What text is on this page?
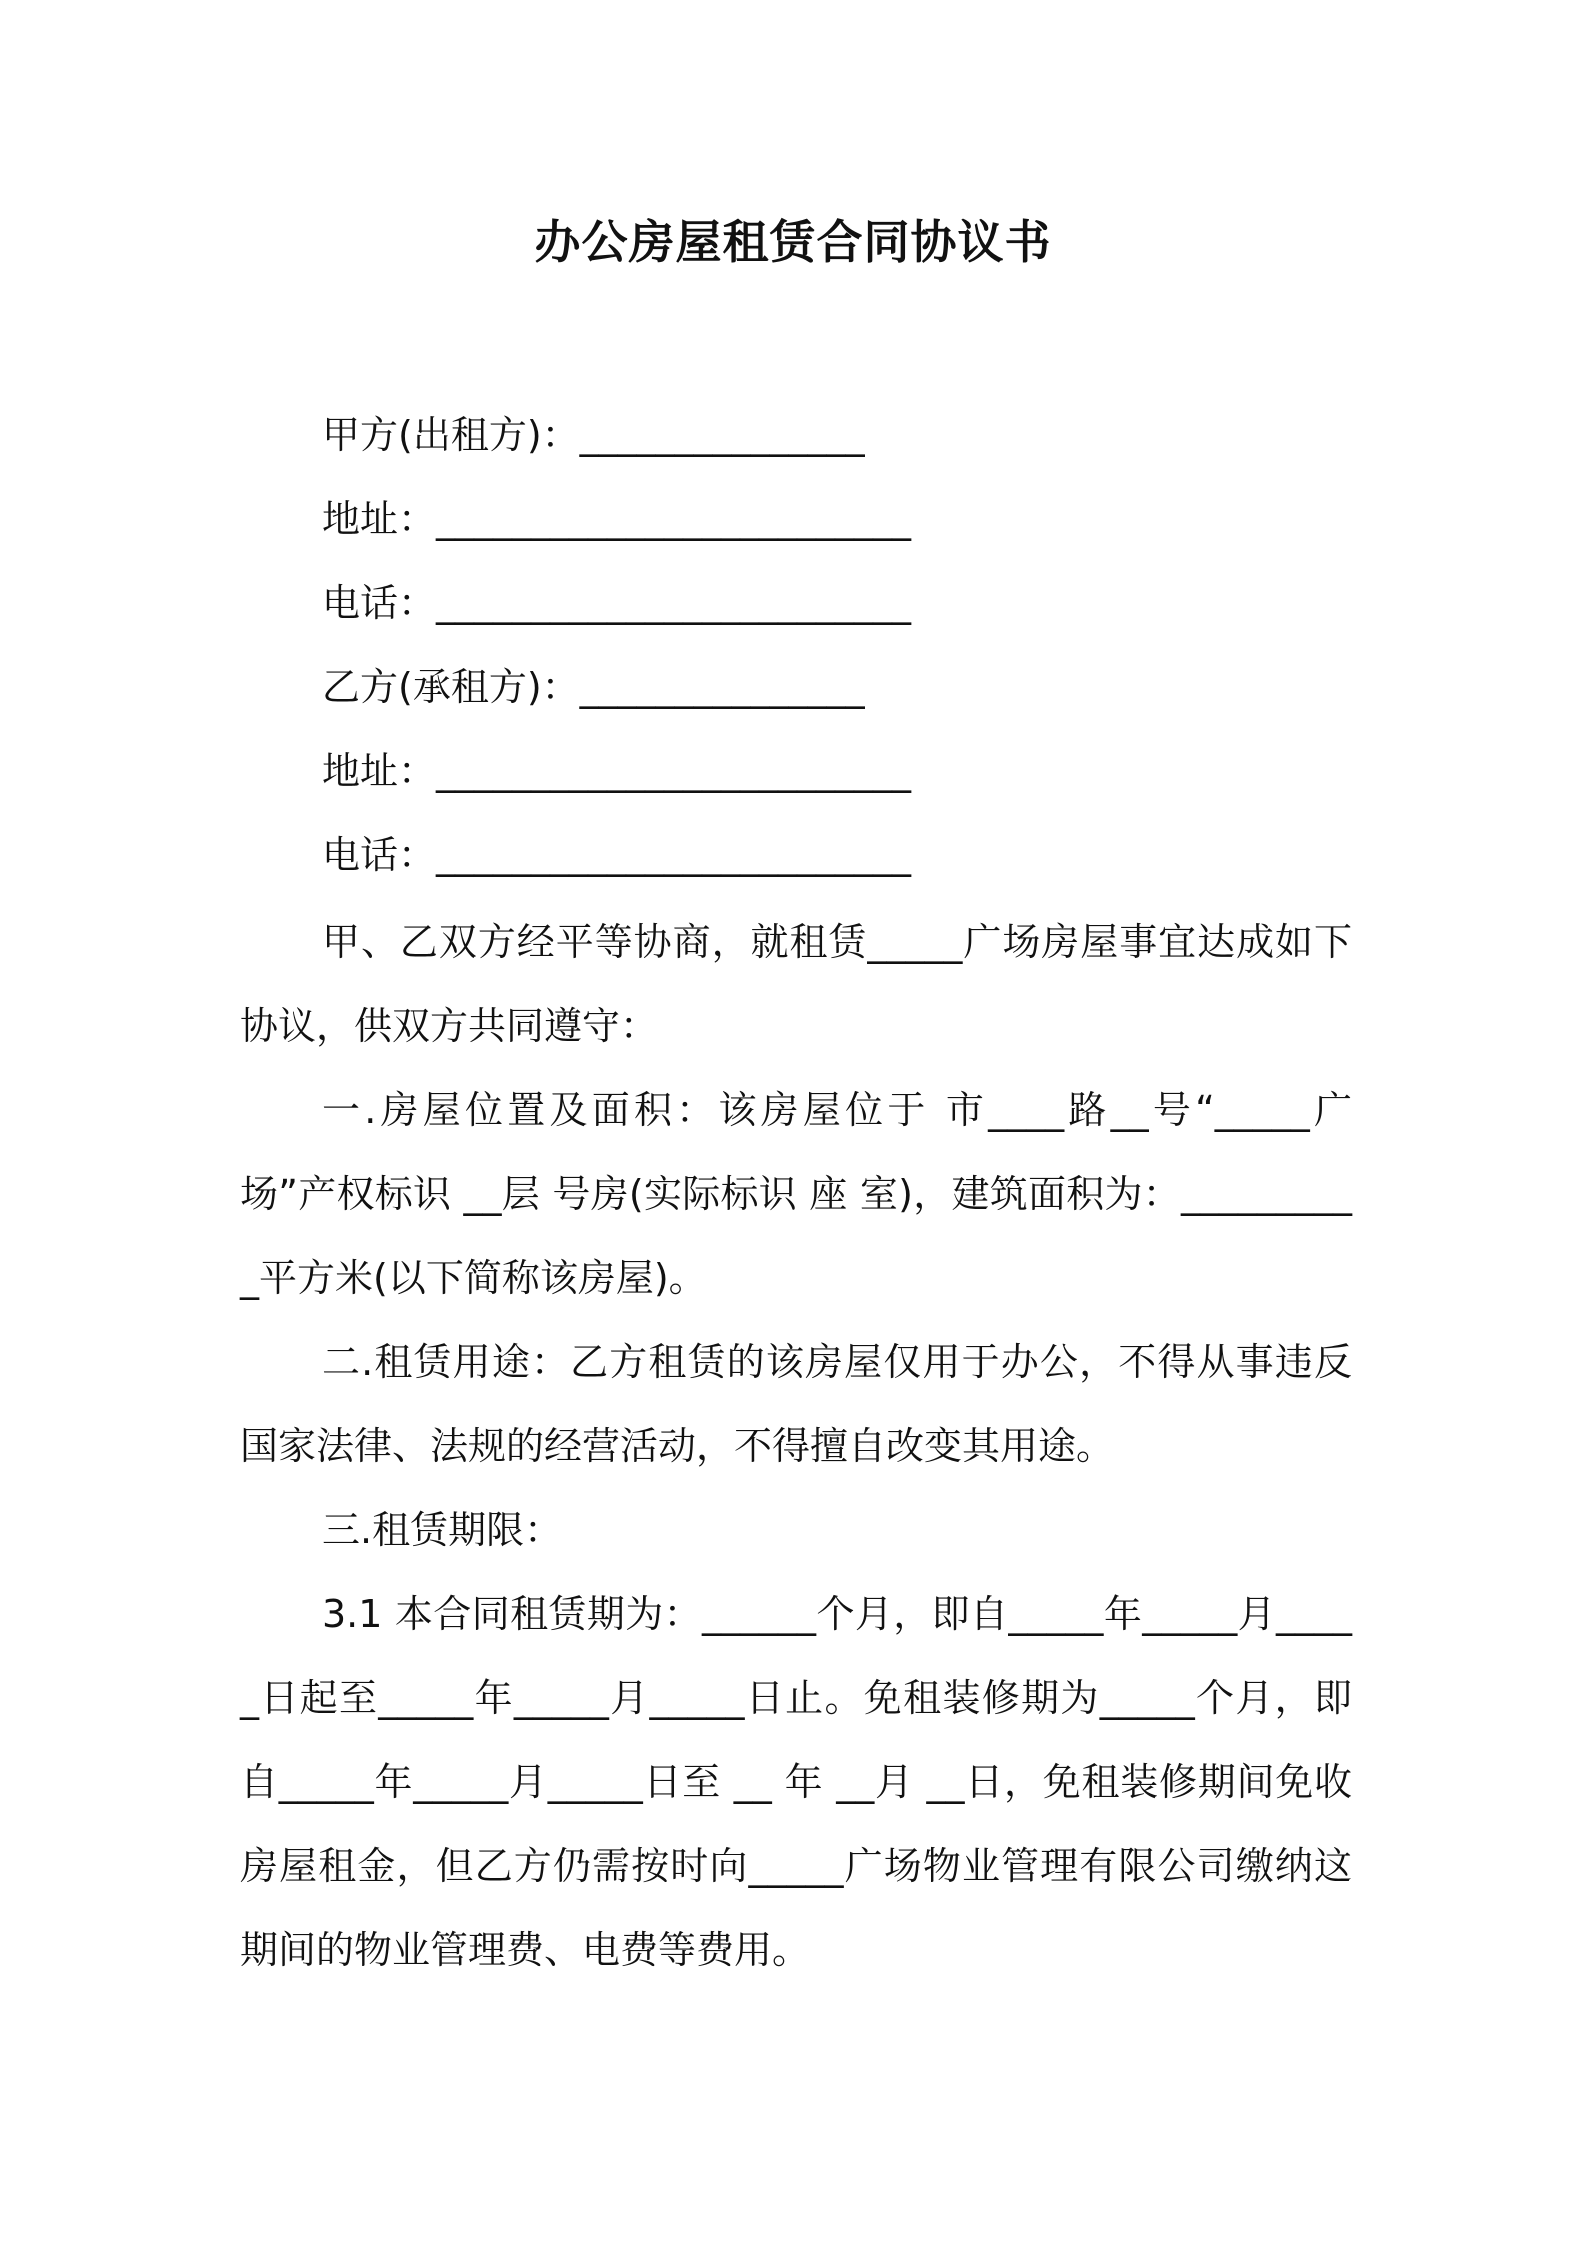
办公房屋租赁合同协议书
甲方(出租方)：_______________
地址：_________________________
电话：_________________________
乙方(承租方)：_______________
地址：_________________________
电话：_________________________

甲、乙双方经平等协商，就租赁_____广场房屋事宜达成如下协议，供双方共同遵守：

一.房屋位置及面积：该房屋位于 市____路__号“_____广场”产权标识 __层 号房(实际标识 座 室)，建筑面积为：__________平方米(以下简称该房屋)。

二.租赁用途：乙方租赁的该房屋仅用于办公，不得从事违反国家法律、法规的经营活动，不得擅自改变其用途。

三.租赁期限：

3.1 本合同租赁期为：______个月，即自_____年_____月_____日起至_____年_____月_____日止。免租装修期为_____个月，即自_____年_____月_____日至 __ 年 __月 __日，免租装修期间免收房屋租金，但乙方仍需按时向_____广场物业管理有限公司缴纳这期间的物业管理费、电费等费用。
